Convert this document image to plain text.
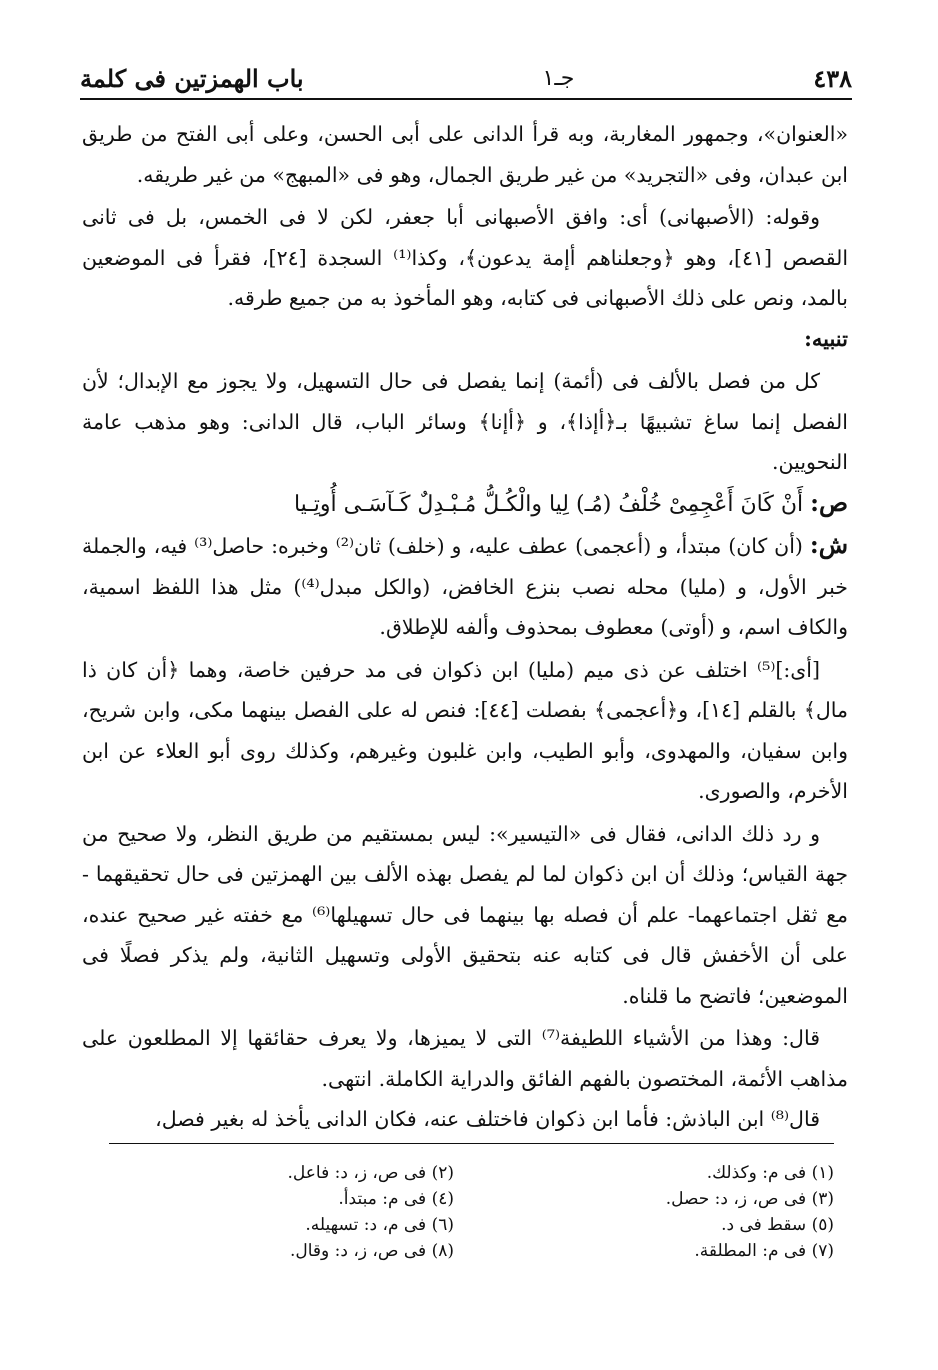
٤٣٨
جـ١
باب الهمزتين فى كلمة

«العنوان»، وجمهور المغاربة، وبه قرأ الدانى على أبى الحسن، وعلى أبى الفتح من طريق ابن عبدان، وفى «التجريد» من غير طريق الجمال، وهو فى «المبهج» من غير طريقه.

وقوله: (الأصبهانى) أى: وافق الأصبهانى أبا جعفر، لكن لا فى الخمس، بل فى ثانى القصص [٤١]، وهو ﴿وجعلناهم أإمة يدعون﴾، وكذا⁽¹⁾ السجدة [٢٤]، فقرأ فى الموضعين بالمد، ونص على ذلك الأصبهانى فى كتابه، وهو المأخوذ به من جميع طرقه.

تنبيه:

كل من فصل بالألف فى (أئمة) إنما يفصل فى حال التسهيل، ولا يجوز مع الإبدال؛ لأن الفصل إنما ساغ تشبيهًا بـ﴿أإذا﴾، و ﴿أإنا﴾ وسائر الباب، قال الدانى: وهو مذهب عامة النحويين.

ص: أَنْ كَانَ أَعْجِمِىْ خُلْفُ (مُـ) لِيا والْكُـلُّ مُـبْـدِلٌ كَـآسَـى أُوتِـيا

ش: (أن كان) مبتدأ، و (أعجمى) عطف عليه، و (خلف) ثان⁽²⁾ وخبره: حاصل⁽³⁾ فيه، والجملة خبر الأول، و (مليا) محله نصب بنزع الخافض، (والكل مبدل⁽⁴⁾) مثل هذا اللفظ اسمية، والكاف اسم، و (أوتى) معطوف بمحذوف وألفه للإطلاق.

[أى:]⁽⁵⁾ اختلف عن ذى ميم (مليا) ابن ذكوان فى مد حرفين خاصة، وهما ﴿أن كان ذا مال﴾ بالقلم [١٤]، و﴿أعجمى﴾ بفصلت [٤٤]: فنص له على الفصل بينهما مكى، وابن شريح، وابن سفيان، والمهدوى، وأبو الطيب، وابن غلبون وغيرهم، وكذلك روى أبو العلاء عن ابن الأخرم، والصورى.

و رد ذلك الدانى، فقال فى «التيسير»: ليس بمستقيم من طريق النظر، ولا صحيح من جهة القياس؛ وذلك أن ابن ذكوان لما لم يفصل بهذه الألف بين الهمزتين فى حال تحقيقهما - مع ثقل اجتماعهما- علم أن فصله بها بينهما فى حال تسهيلها⁽⁶⁾ مع خفته غير صحيح عنده، على أن الأخفش قال فى كتابه عنه بتحقيق الأولى وتسهيل الثانية، ولم يذكر فصلًا فى الموضعين؛ فاتضح ما قلناه.

قال: وهذا من الأشياء اللطيفة⁽⁷⁾ التى لا يميزها، ولا يعرف حقائقها إلا المطلعون على مذاهب الأئمة، المختصون بالفهم الفائق والدراية الكاملة. انتهى.

قال⁽⁸⁾ ابن الباذش: فأما ابن ذكوان فاختلف عنه، فكان الدانى يأخذ له بغير فصل،

(١) فى م: وكذلك.
(٣) فى ص، ز، د: حصل.
(٥) سقط فى د.
(٧) فى م: المطلقة.
(٢) فى ص، ز، د: فاعل.
(٤) فى م: مبتدأ.
(٦) فى م، د: تسهيله.
(٨) فى ص، ز، د: وقال.
